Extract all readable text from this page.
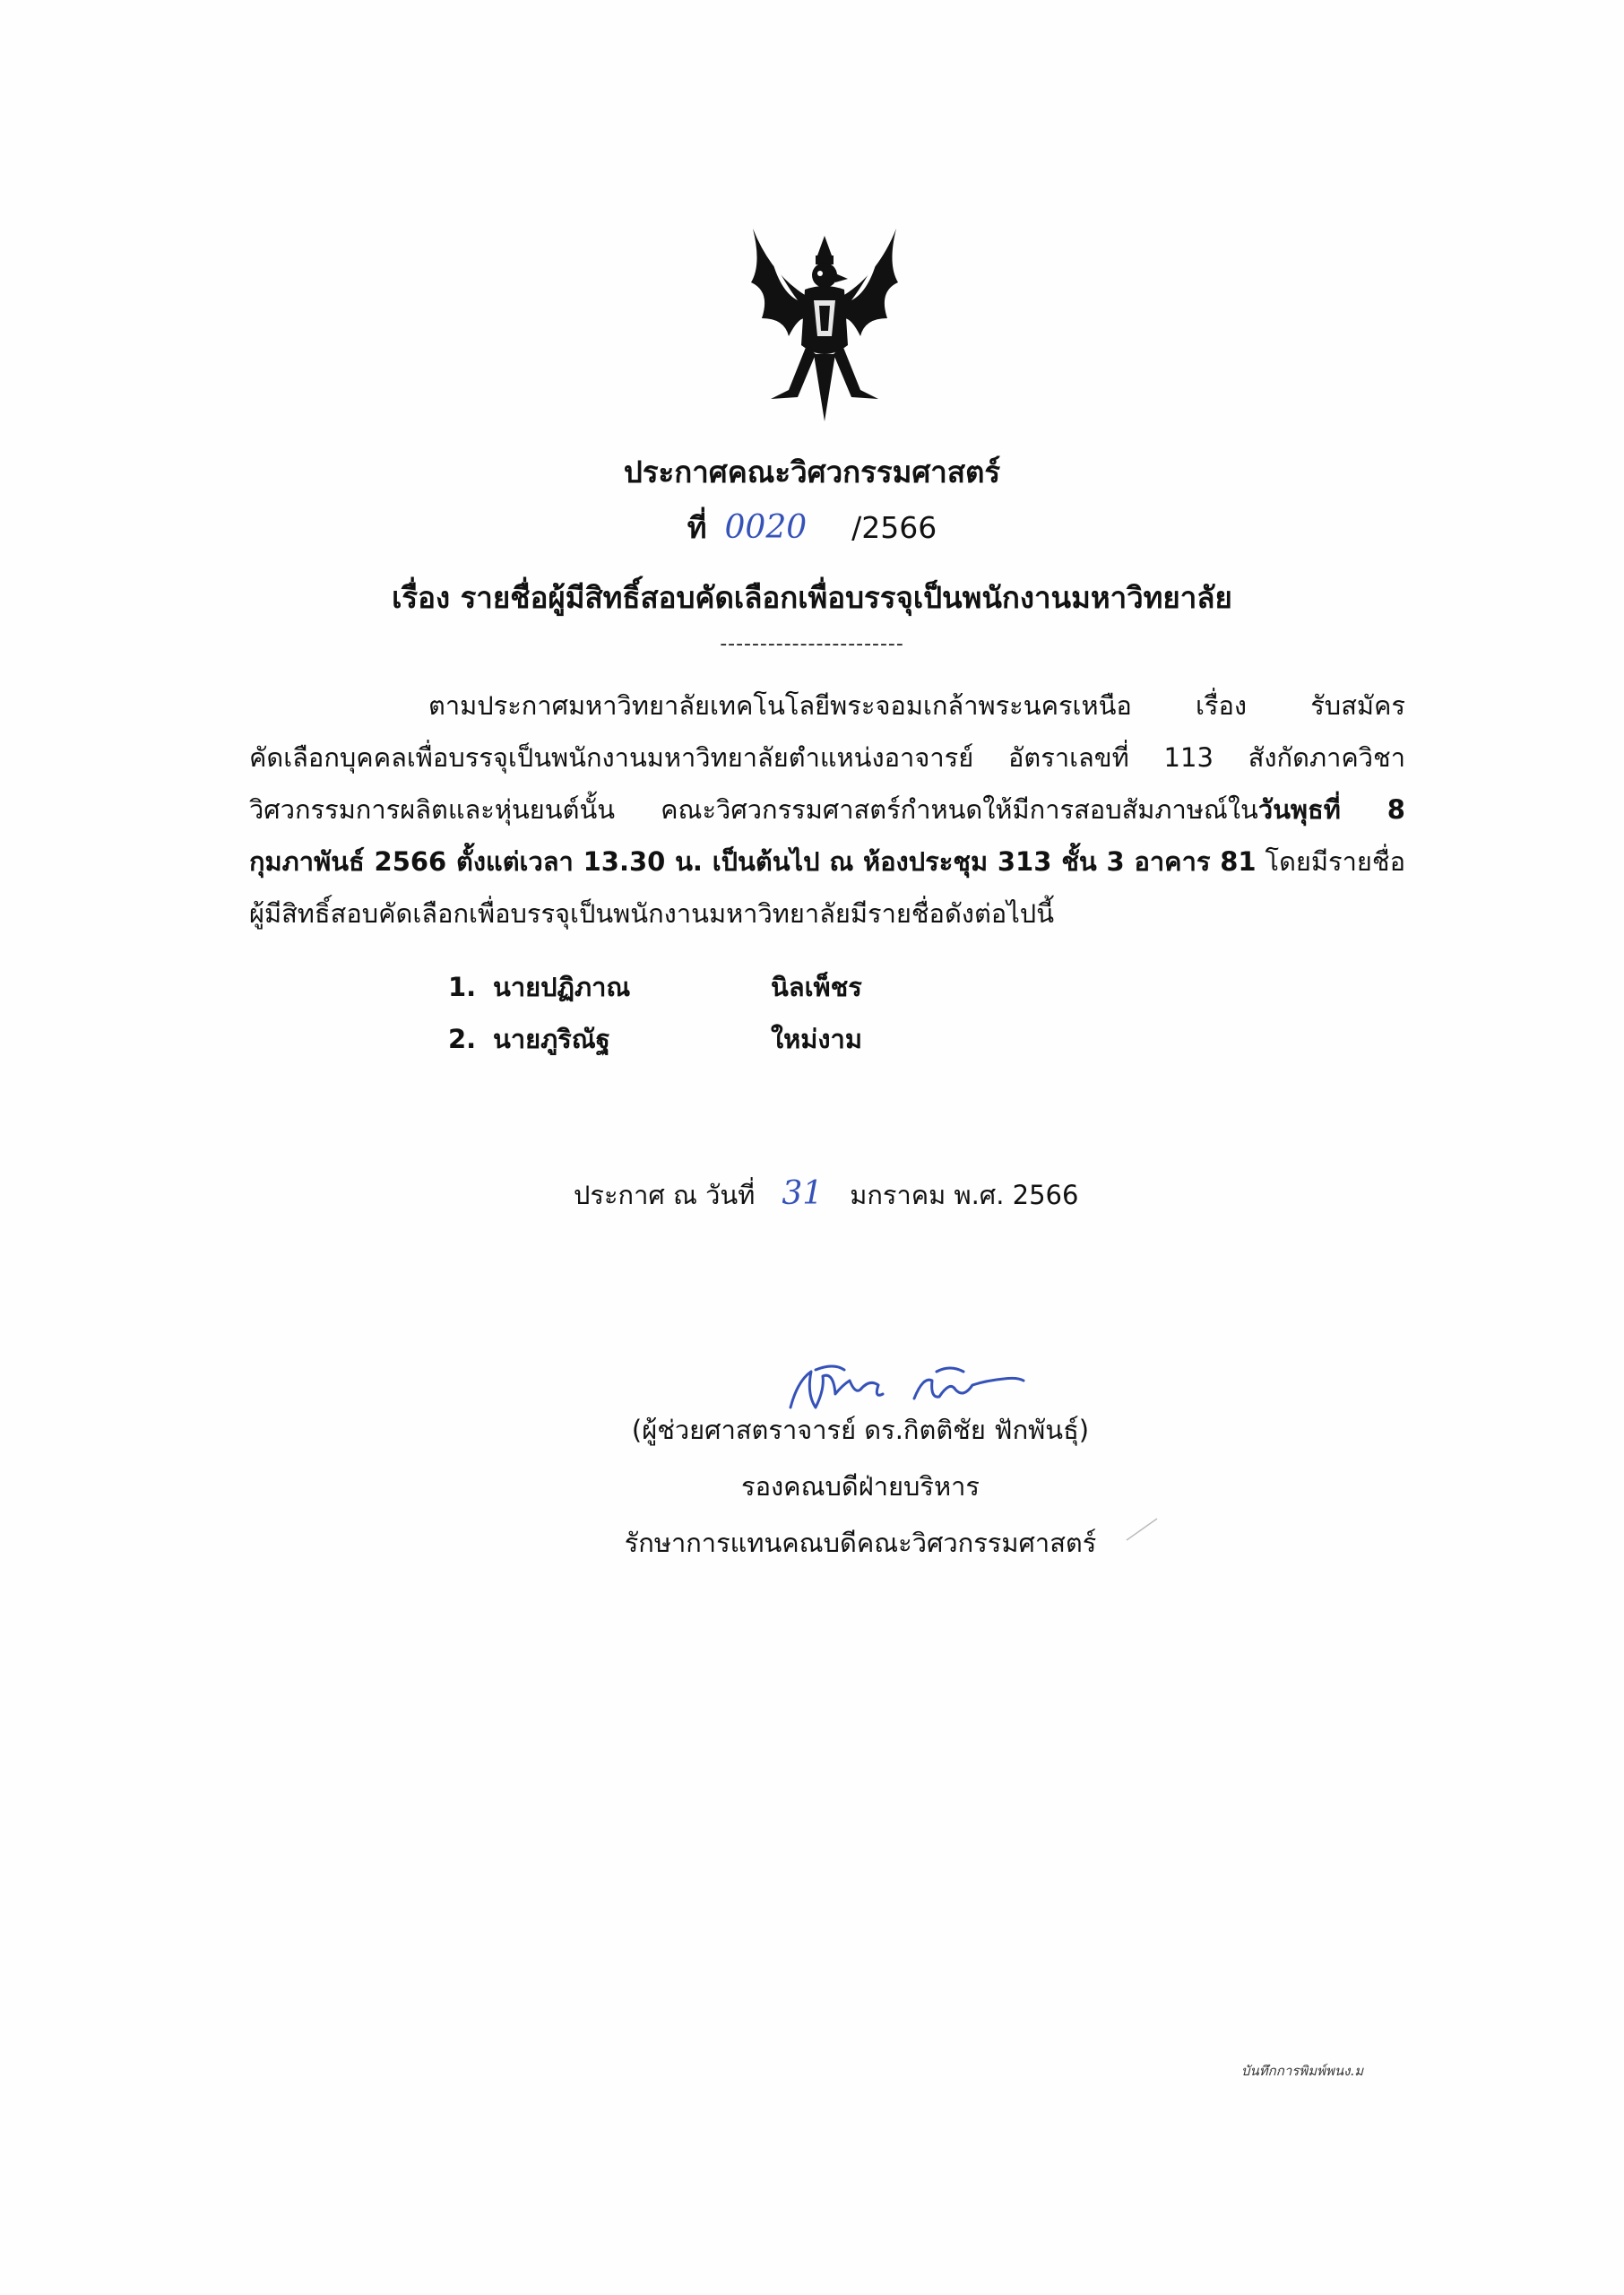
ประกาศคณะวิศวกรรมศาสตร์
ที่ 0020 /2566
เรื่อง รายชื่อผู้มีสิทธิ์สอบคัดเลือกเพื่อบรรจุเป็นพนักงานมหาวิทยาลัย
-----------------------
ตามประกาศมหาวิทยาลัยเทคโนโลยีพระจอมเกล้าพระนครเหนือ เรื่อง รับสมัคร
คัดเลือกบุคคลเพื่อบรรจุเป็นพนักงานมหาวิทยาลัยตำแหน่งอาจารย์ อัตราเลขที่ 113 สังกัดภาควิชา
วิศวกรรมการผลิตและหุ่นยนต์นั้น คณะวิศวกรรมศาสตร์กำหนดให้มีการสอบสัมภาษณ์ในวันพุธที่ 8
กุมภาพันธ์ 2566 ตั้งแต่เวลา 13.30 น. เป็นต้นไป ณ ห้องประชุม 313 ชั้น 3 อาคาร 81 โดยมีรายชื่อ
ผู้มีสิทธิ์สอบคัดเลือกเพื่อบรรจุเป็นพนักงานมหาวิทยาลัยมีรายชื่อดังต่อไปนี้
1. นายปฏิภาณ	นิลเพ็ชร
2. นายภูริณัฐ	ใหม่งาม
ประกาศ ณ วันที่ 31 มกราคม พ.ศ. 2566
(ผู้ช่วยศาสตราจารย์ ดร.กิตติชัย ฟักพันธุ์)
รองคณบดีฝ่ายบริหาร
รักษาการแทนคณบดีคณะวิศวกรรมศาสตร์
บันทึกการพิมพ์พนง.ม
